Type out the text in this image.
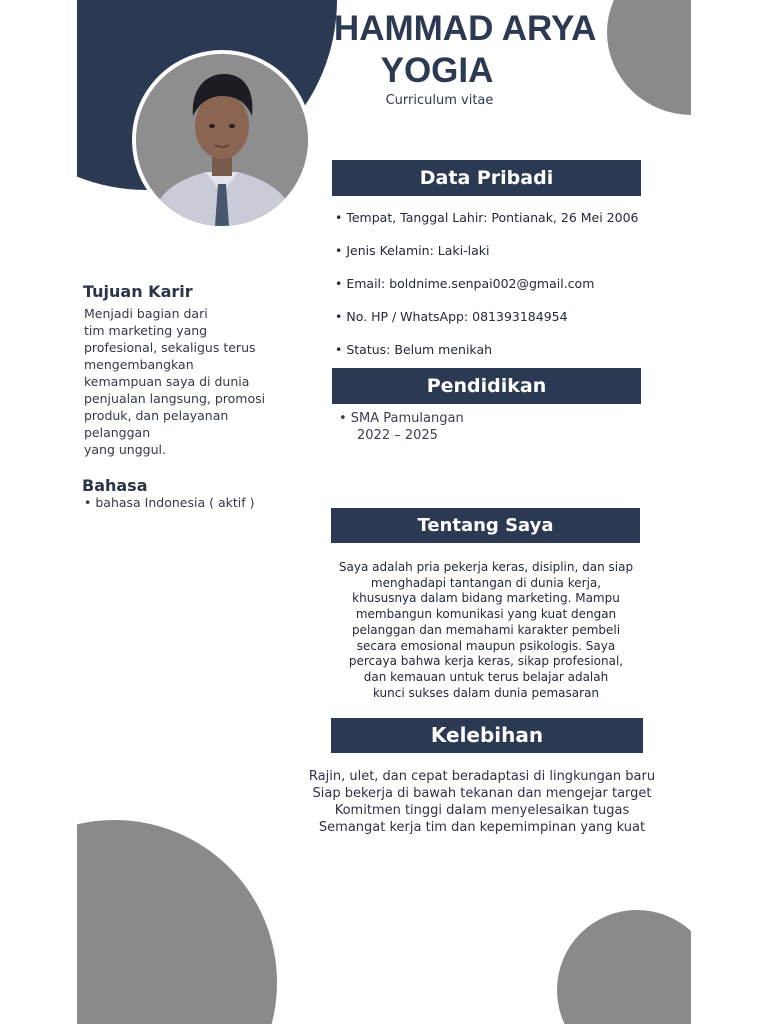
MOHAMMAD ARYA YOGIA
Curriculum vitae
Data Pribadi
• Tempat, Tanggal Lahir: Pontianak, 26 Mei 2006
• Jenis Kelamin: Laki-laki
• Email: boldnime.senpai002@gmail.com
• No. HP / WhatsApp: 081393184954
• Status: Belum menikah
Pendidikan
• SMA Pamulangan
2022 – 2025
Tentang Saya
Saya adalah pria pekerja keras, disiplin, dan siap
menghadapi tantangan di dunia kerja,
khususnya dalam bidang marketing. Mampu
membangun komunikasi yang kuat dengan
pelanggan dan memahami karakter pembeli
secara emosional maupun psikologis. Saya
percaya bahwa kerja keras, sikap profesional,
dan kemauan untuk terus belajar adalah
kunci sukses dalam dunia pemasaran
Kelebihan
Rajin, ulet, dan cepat beradaptasi di lingkungan baru
Siap bekerja di bawah tekanan dan mengejar target
Komitmen tinggi dalam menyelesaikan tugas
Semangat kerja tim dan kepemimpinan yang kuat
Tujuan Karir
Menjadi bagian dari
tim marketing yang
profesional, sekaligus terus
mengembangkan
kemampuan saya di dunia
penjualan langsung, promosi
produk, dan pelayanan
pelanggan
yang unggul.
Bahasa
• bahasa Indonesia ( aktif )
